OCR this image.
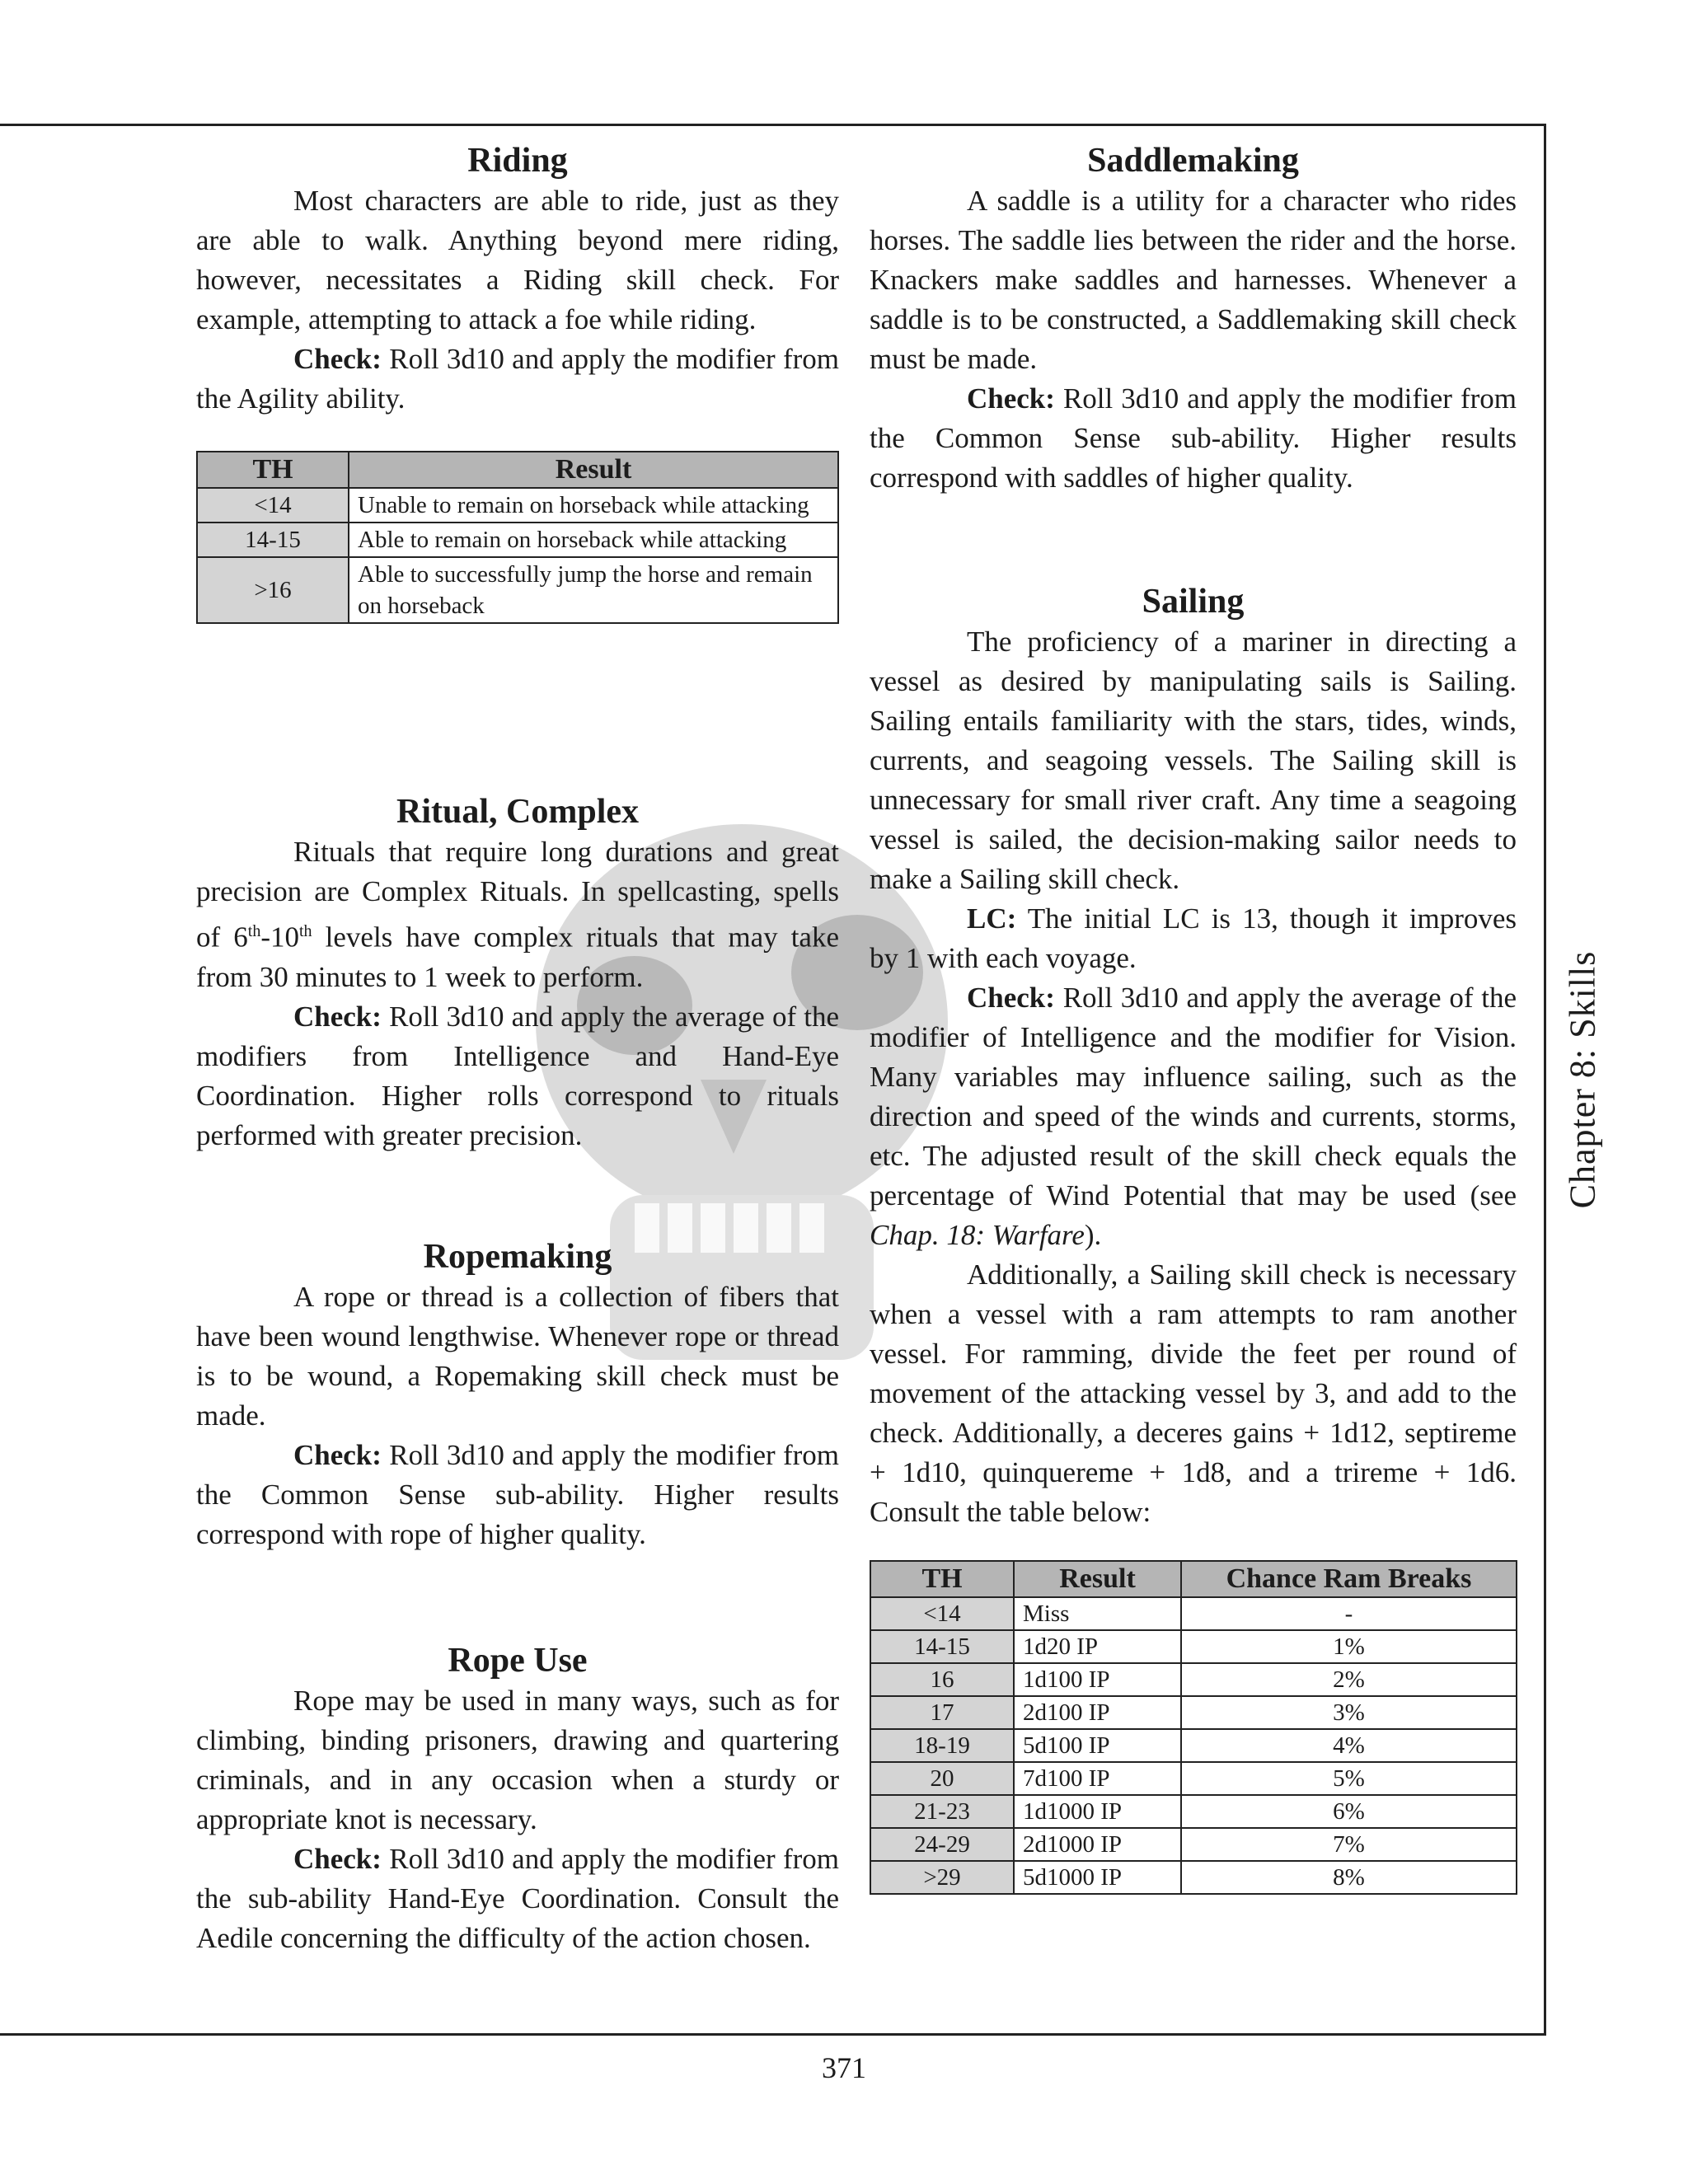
Chapter 8: Skills
Riding

Most characters are able to ride, just as they are able to walk. Anything beyond mere riding, however, necessitates a Riding skill check. For example, attempting to attack a foe while riding.

Check: Roll 3d10 and apply the modifier from the Agility ability.

Ritual, Complex

Rituals that require long durations and great precision are Complex Rituals. In spellcasting, spells of 6th-10th levels have complex rituals that may take from 30 minutes to 1 week to perform.

Check: Roll 3d10 and apply the average of the modifiers from Intelligence and Hand-Eye Coordination. Higher rolls correspond to rituals performed with greater precision.

Ropemaking

A rope or thread is a collection of fibers that have been wound lengthwise. Whenever rope or thread is to be wound, a Ropemaking skill check must be made.

Check: Roll 3d10 and apply the modifier from the Common Sense sub-ability. Higher results correspond with rope of higher quality.

Rope Use

Rope may be used in many ways, such as for climbing, binding prisoners, drawing and quartering criminals, and in any occasion when a sturdy or appropriate knot is necessary.

Check: Roll 3d10 and apply the modifier from the sub-ability Hand-Eye Coordination. Consult the Aedile concerning the difficulty of the action chosen.

TH	Result
<14	Unable to remain on horseback while attacking
14-15	Able to remain on horseback while attacking
>16	Able to successfully jump the horse and remain on horseback
Saddlemaking

A saddle is a utility for a character who rides horses. The saddle lies between the rider and the horse. Knackers make saddles and harnesses. Whenever a saddle is to be constructed, a Saddlemaking skill check must be made.

Check: Roll 3d10 and apply the modifier from the Common Sense sub-ability. Higher results correspond with saddles of higher quality.

Sailing

The proficiency of a mariner in directing a vessel as desired by manipulating sails is Sailing. Sailing entails familiarity with the stars, tides, winds, currents, and seagoing vessels. The Sailing skill is unnecessary for small river craft. Any time a seagoing vessel is sailed, the decision-making sailor needs to make a Sailing skill check.

LC: The initial LC is 13, though it improves by 1 with each voyage.

Check: Roll 3d10 and apply the average of the modifier of Intelligence and the modifier for Vision. Many variables may influence sailing, such as the direction and speed of the winds and currents, storms, etc. The adjusted result of the skill check equals the percentage of Wind Potential that may be used (see Chap. 18: Warfare).

Additionally, a Sailing skill check is necessary when a vessel with a ram attempts to ram another vessel. For ramming, divide the feet per round of movement of the attacking vessel by 3, and add to the check. Additionally, a deceres gains + 1d12, septireme + 1d10, quinquereme + 1d8, and a trireme + 1d6. Consult the table below:

TH	Result	Chance Ram Breaks
<14	Miss	-
14-15	1d20 IP	1%
16	1d100 IP	2%
17	2d100 IP	3%
18-19	5d100 IP	4%
20	7d100 IP	5%
21-23	1d1000 IP	6%
24-29	2d1000 IP	7%
>29	5d1000 IP	8%
371
